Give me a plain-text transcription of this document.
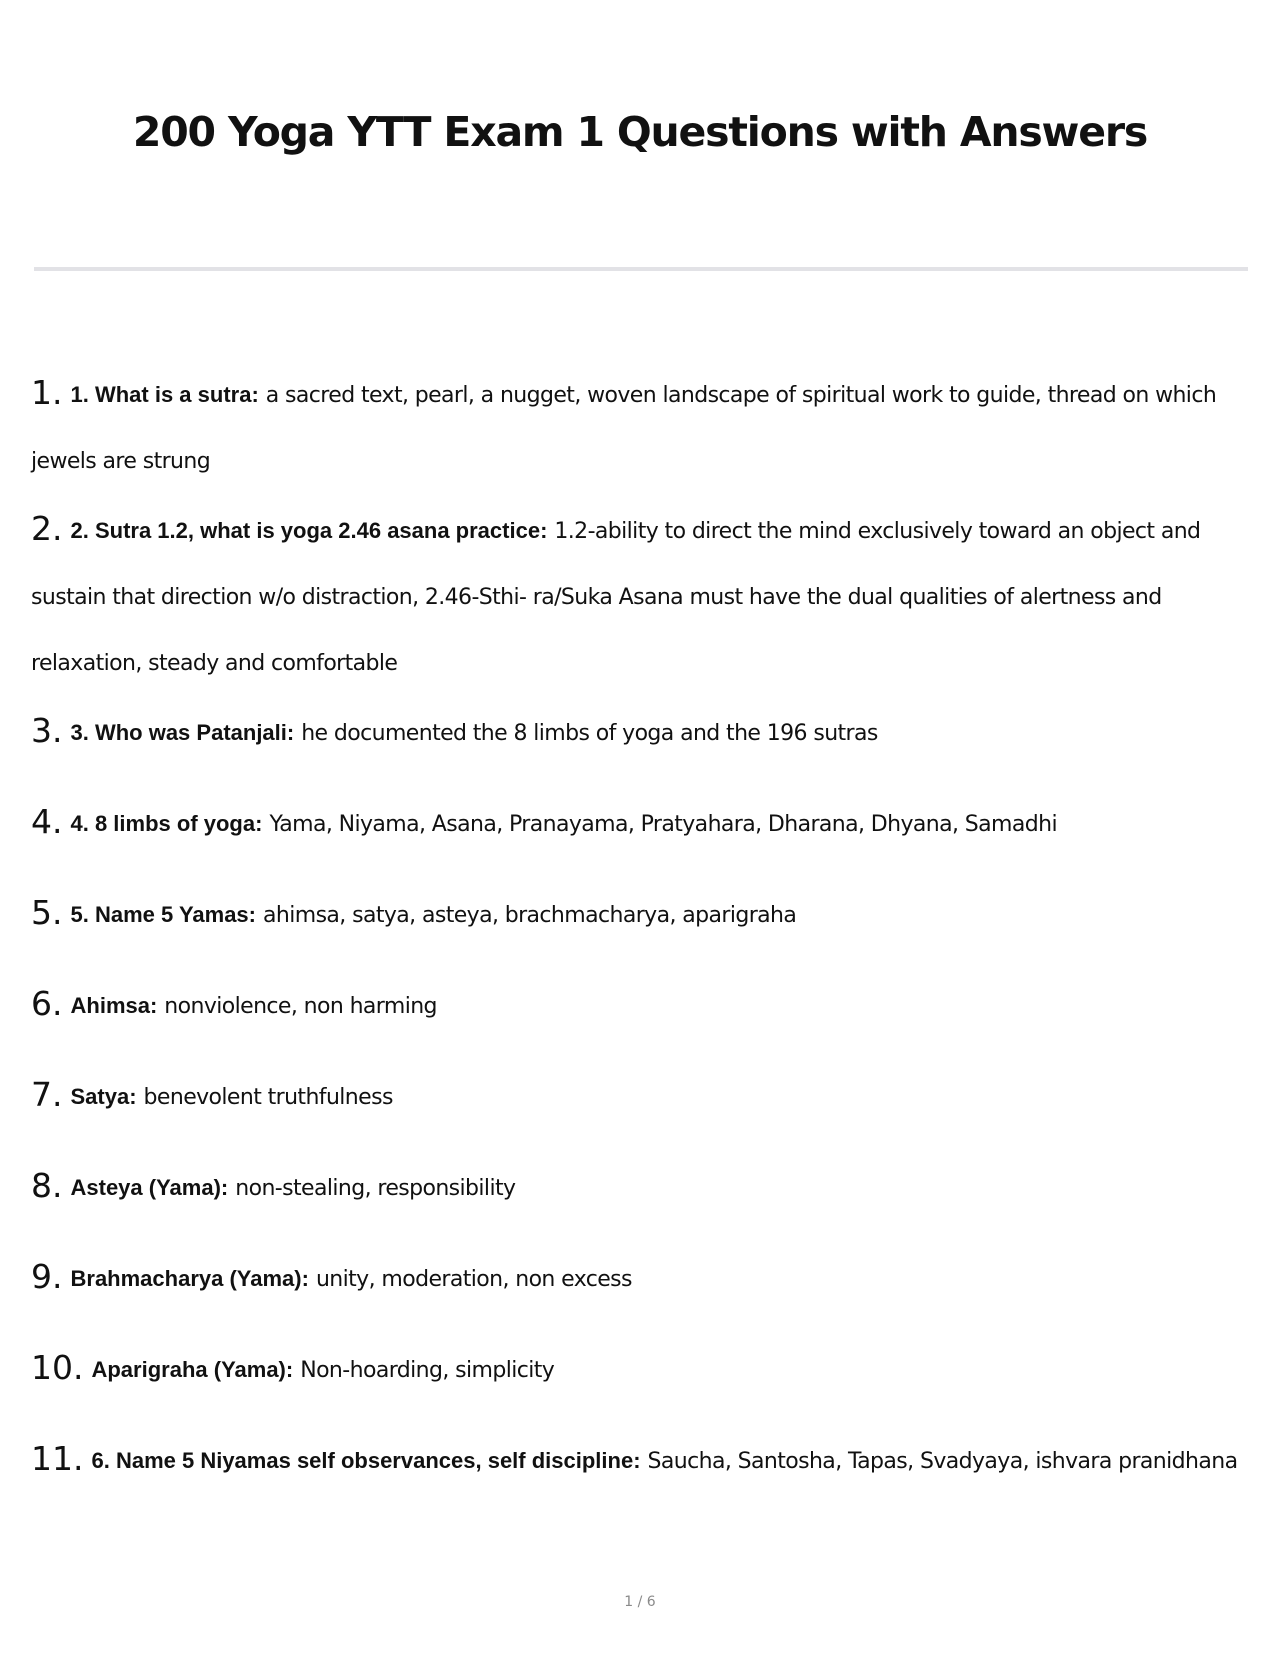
200 Yoga YTT Exam 1 Questions with Answers
1. 1. What is a sutra: a sacred text, pearl, a nugget, woven landscape of spiritual work to guide, thread on which jewels are strung
2. 2. Sutra 1.2, what is yoga 2.46 asana practice: 1.2-ability to direct the mind exclusively toward an object and sustain that direction w/o distraction, 2.46-Sthi- ra/Suka Asana must have the dual qualities of alertness and relaxation, steady and comfortable
3. 3. Who was Patanjali: he documented the 8 limbs of yoga and the 196 sutras
4. 4. 8 limbs of yoga: Yama, Niyama, Asana, Pranayama, Pratyahara, Dharana, Dhyana, Samadhi
5. 5. Name 5 Yamas: ahimsa, satya, asteya, brachmacharya, aparigraha
6. Ahimsa: nonviolence, non harming
7. Satya: benevolent truthfulness
8. Asteya (Yama): non-stealing, responsibility
9. Brahmacharya (Yama): unity, moderation, non excess
10. Aparigraha (Yama): Non-hoarding, simplicity
11. 6. Name 5 Niyamas self observances, self discipline: Saucha, Santosha, Tapas, Svadyaya, ishvara pranidhana
1 / 6
